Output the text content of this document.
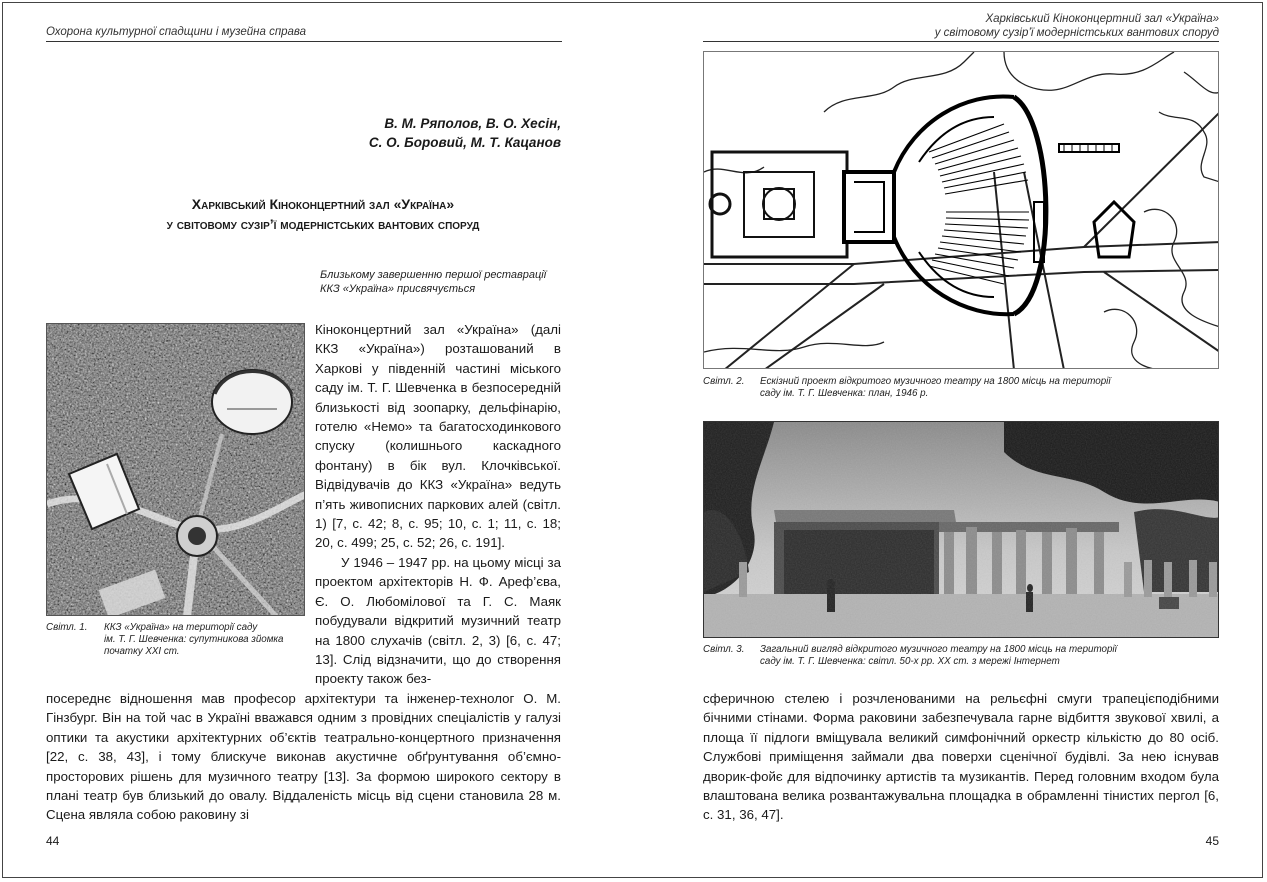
Охорона культурної спадщини і музейна справа
В. М. Ряполов, В. О. Хесін,
С. О. Боровий, М. Т. Кацанов
Харківський Кіноконцертний зал «Україна»
у світовому сузір’ї модерністських вантових споруд
Близькому завершенню першої реставрації
ККЗ «Україна» присвячується
Світл. 1. ККЗ «Україна» на території саду
ім. Т. Г. Шевченка: супутникова зйомка
початку ХХІ ст.

Кіноконцертний зал «Україна» (далі ККЗ «Україна») розташований в Харкові у південній частині міського саду ім. Т. Г. Шевченка в безпосередній близькості від зоопарку, дельфінарію, готелю «Немо» та багатосходинкового спуску (колишнього каскадного фонтану) в бік вул. Клочківської. Відвідувачів до ККЗ «Україна» ведуть п’ять живописних паркових алей (світл. 1) [7, с. 42; 8, с. 95; 10, с. 1; 11, с. 18; 20, с. 499; 25, с. 52; 26, с. 191].

У 1946 – 1947 рр. на цьому місці за проектом архітекторів Н. Ф. Ареф’єва, Є. О. Любомілової та Г. С. Маяк побудували відкритий музичний театр на 1800 слухачів (світл. 2, 3) [6, с. 47; 13]. Слід відзначити, що до створення проекту також без-

посереднє відношення мав професор архітектури та інженер-технолог О. М. Гінзбург. Він на той час в Україні вважався одним з провідних спеціалістів у галузі оптики та акустики архітектурних об’єктів театрально-концертного призначення [22, с. 38, 43], і тому блискуче виконав акустичне обґрунтування об’ємно-просторових рішень для музичного театру [13]. За формою широкого сектору в плані театр був близький до овалу. Віддаленість місць від сцени становила 28 м. Сцена являла собою раковину зі

44
Харківський Кіноконцертний зал «Україна»
у світовому сузір’ї модерністських вантових споруд
Світл. 2. Ескізний проект відкритого музичного театру на 1800 місць на території
саду ім. Т. Г. Шевченка: план, 1946 р.
Світл. 3. Загальний вигляд відкритого музичного театру на 1800 місць на території
саду ім. Т. Г. Шевченка: світл. 50-х рр. ХХ ст. з мережі Інтернет

сферичною стелею і розчленованими на рельєфні смуги трапецієподібними бічними стінами. Форма раковини забезпечувала гарне відбиття звукової хвилі, а площа її підлоги вміщувала великий симфонічний оркестр кількістю до 80 осіб. Службові приміщення займали два поверхи сценічної будівлі. За нею існував дворик-фойє для відпочинку артистів та музикантів. Перед головним входом була влаштована велика розвантажувальна площадка в обрамленні тінистих пергол [6, с. 31, 36, 47].

45
